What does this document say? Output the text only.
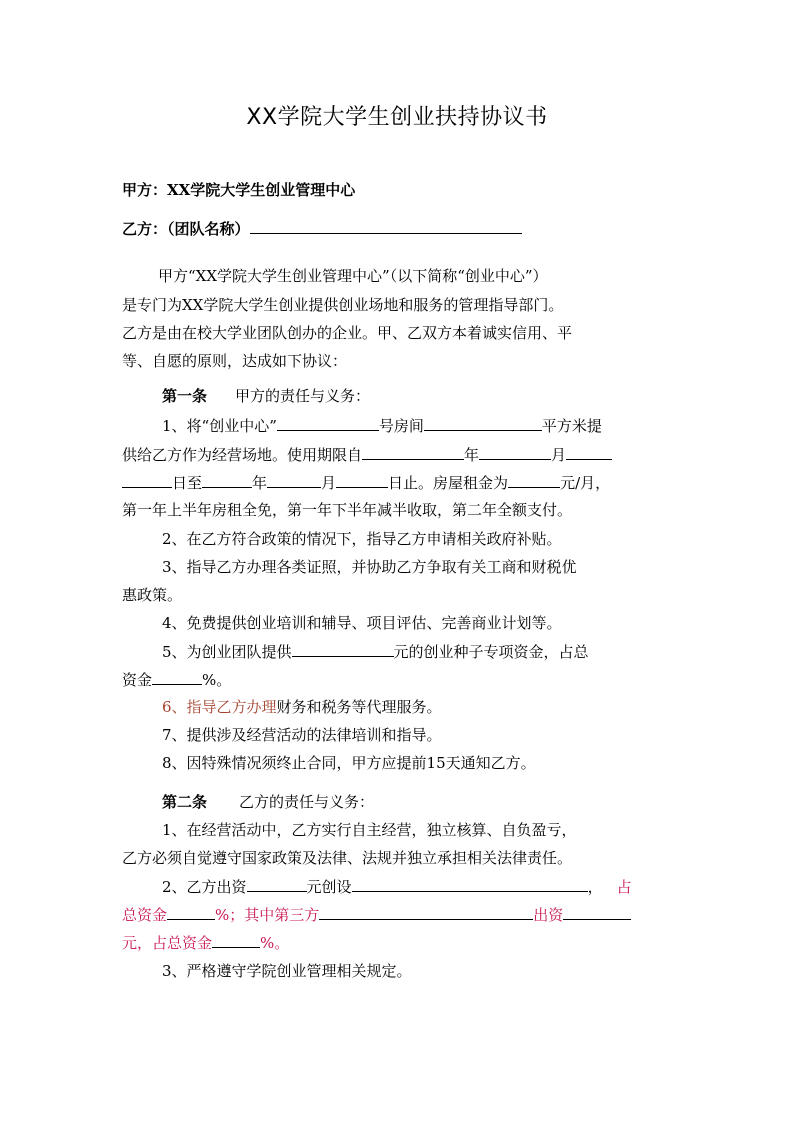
XX学院大学生创业扶持协议书
甲方：XX学院大学生创业管理中心
乙方：（团队名称）
甲方“XX学院大学生创业管理中心”（以下简称“创业中心”）
是专门为XX学院大学生创业提供创业场地和服务的管理指导部门。
乙方是由在校大学业团队创办的企业。甲、乙双方本着诚实信用、平
等、自愿的原则，达成如下协议：
第一条 甲方的责任与义务：
1、将“创业中心”	号房间	平方米提
供给乙方作为经营场地。使用期限自	年	月
日至	年	月	日止。房屋租金为	元/月，
第一年上半年房租全免，第一年下半年减半收取，第二年全额支付。
2、在乙方符合政策的情况下，指导乙方申请相关政府补贴。
3、指导乙方办理各类证照，并协助乙方争取有关工商和财税优
惠政策。
4、免费提供创业培训和辅导、项目评估、完善商业计划等。
5、为创业团队提供	元的创业种子专项资金，占总
资金	%。
6、指导乙方办理财务和税务等代理服务。
7、提供涉及经营活动的法律培训和指导。
8、因特殊情况须终止合同，甲方应提前15天通知乙方。
第二条 乙方的责任与义务：
1、在经营活动中，乙方实行自主经营，独立核算、自负盈亏，
乙方必须自觉遵守国家政策及法律、法规并独立承担相关法律责任。
2、乙方出资	元创设	， 占
总资金	%；其中第三方	出资
元，占总资金	%。
3、严格遵守学院创业管理相关规定。
